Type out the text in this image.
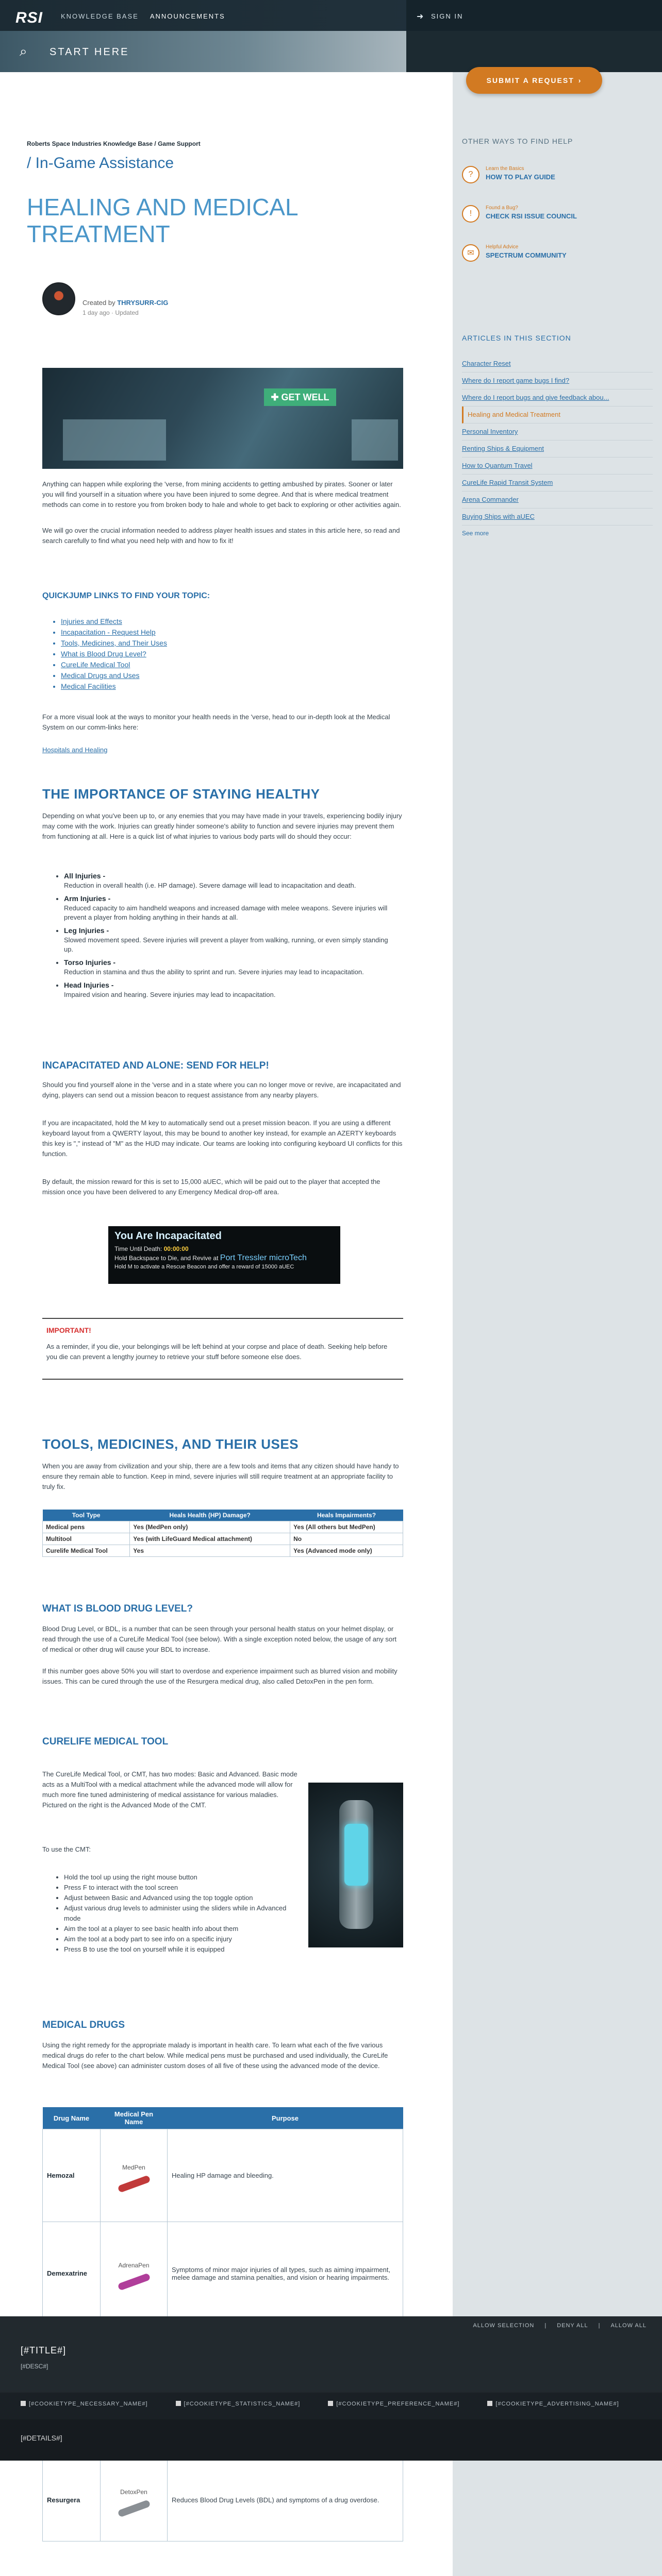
RSI	KNOWLEDGE BASE ANNOUNCEMENTS	➜ SIGN IN
⌕ START HERE
SUBMIT A REQUEST ›
Roberts Space Industries Knowledge Base / Game Support
/ In-Game Assistance
HEALING AND MEDICAL TREATMENT
Created by THRYSURR-CIG
1 day ago · Updated
✚ GET WELL
Anything can happen while exploring the 'verse, from mining accidents to getting ambushed by pirates. Sooner or later you will find yourself in a situation where you have been injured to some degree. And that is where medical treatment methods can come in to restore you from broken body to hale and whole to get back to exploring or other activities again.
We will go over the crucial information needed to address player health issues and states in this article here, so read and search carefully to find what you need help with and how to fix it!
QUICKJUMP LINKS TO FIND YOUR TOPIC:
• Injuries and Effects
• Incapacitation - Request Help
• Tools, Medicines, and Their Uses
• What is Blood Drug Level?
• CureLife Medical Tool
• Medical Drugs and Uses
• Medical Facilities
For a more visual look at the ways to monitor your health needs in the 'verse, head to our in-depth look at the Medical System on our comm-links here:
Hospitals and Healing
THE IMPORTANCE OF STAYING HEALTHY
Depending on what you've been up to, or any enemies that you may have made in your travels, experiencing bodily injury may come with the work. Injuries can greatly hinder someone's ability to function and severe injuries may prevent them from functioning at all. Here is a quick list of what injuries to various body parts will do should they occur:
• All Injuries -
Reduction in overall health (i.e. HP damage). Severe damage will lead to incapacitation and death.
• Arm Injuries -
Reduced capacity to aim handheld weapons and increased damage with melee weapons. Severe injuries will prevent a player from holding anything in their hands at all.
• Leg Injuries -
Slowed movement speed. Severe injuries will prevent a player from walking, running, or even simply standing up.
• Torso Injuries -
Reduction in stamina and thus the ability to sprint and run. Severe injuries may lead to incapacitation.
• Head Injuries -
Impaired vision and hearing. Severe injuries may lead to incapacitation.
INCAPACITATED AND ALONE: SEND FOR HELP!
Should you find yourself alone in the 'verse and in a state where you can no longer move or revive, are incapacitated and dying, players can send out a mission beacon to request assistance from any nearby players.
If you are incapacitated, hold the M key to automatically send out a preset mission beacon. If you are using a different keyboard layout from a QWERTY layout, this may be bound to another key instead, for example an AZERTY keyboards this key is "," instead of "M" as the HUD may indicate. Our teams are looking into configuring keyboard UI conflicts for this function.
By default, the mission reward for this is set to 15,000 aUEC, which will be paid out to the player that accepted the mission once you have been delivered to any Emergency Medical drop-off area.
You Are Incapacitated
Time Until Death: 00:00:00
Hold Backspace to Die, and Revive at Port Tressler microTech
Hold M to activate a Rescue Beacon and offer a reward of 15000 aUEC
IMPORTANT!
As a reminder, if you die, your belongings will be left behind at your corpse and place of death. Seeking help before you die can prevent a lengthy journey to retrieve your stuff before someone else does.
TOOLS, MEDICINES, AND THEIR USES
When you are away from civilization and your ship, there are a few tools and items that any citizen should have handy to ensure they remain able to function. Keep in mind, severe injuries will still require treatment at an appropriate facility to truly fix.
Tool Type	Heals Health (HP) Damage?	Heals Impairments?
Medical pens	Yes (MedPen only)	Yes (All others but MedPen)
Multitool	Yes (with LifeGuard Medical attachment)	No
Curelife Medical Tool	Yes	Yes (Advanced mode only)
WHAT IS BLOOD DRUG LEVEL?
Blood Drug Level, or BDL, is a number that can be seen through your personal health status on your helmet display, or read through the use of a CureLife Medical Tool (see below). With a single exception noted below, the usage of any sort of medical or other drug will cause your BDL to increase.
If this number goes above 50% you will start to overdose and experience impairment such as blurred vision and mobility issues. This can be cured through the use of the Resurgera medical drug, also called DetoxPen in the pen form.
CURELIFE MEDICAL TOOL
The CureLife Medical Tool, or CMT, has two modes: Basic and Advanced. Basic mode acts as a MultiTool with a medical attachment while the advanced mode will allow for much more fine tuned administering of medical assistance for various maladies. Pictured on the right is the Advanced Mode of the CMT.
To use the CMT:
• Hold the tool up using the right mouse button
• Press F to interact with the tool screen
• Adjust between Basic and Advanced using the top toggle option
• Adjust various drug levels to administer using the sliders while in Advanced mode
• Aim the tool at a player to see basic health info about them
• Aim the tool at a body part to see info on a specific injury
• Press B to use the tool on yourself while it is equipped
MEDICAL DRUGS
Using the right remedy for the appropriate malady is important in health care. To learn what each of the five various medical drugs do refer to the chart below. While medical pens must be purchased and used individually, the CureLife Medical Tool (see above) can administer custom doses of all five of these using the advanced mode of the device.
Drug Name	Medical Pen Name	Purpose
Hemozal	MedPen	Healing HP damage and bleeding.
Demexatrine	AdrenaPen	Symptoms of minor major injuries of all types, such as aiming impairment, melee damage and stamina penalties, and vision or hearing impairments.

Resurgera	DetoxPen	Reduces Blood Drug Levels (BDL) and symptoms of a drug overdose.

OTHER WAYS TO FIND HELP
?
Learn the Basics
HOW TO PLAY GUIDE
!
Found a Bug?
CHECK RSI ISSUE COUNCIL
✉
Helpful Advice
SPECTRUM COMMUNITY
ARTICLES IN THIS SECTION
Character Reset
Where do I report game bugs I find?
Where do I report bugs and give feedback abou...
Healing and Medical Treatment
Personal Inventory
Renting Ships & Equipment
How to Quantum Travel
CureLife Rapid Transit System
Arena Commander
Buying Ships with aUEC
See more
ALLOW SELECTION | DENY ALL | ALLOW ALL
[#TITLE#]
[#DESC#]
[#COOKIETYPE_NECESSARY_NAME#]	[#COOKIETYPE_STATISTICS_NAME#]	[#COOKIETYPE_PREFERENCE_NAME#]	[#COOKIETYPE_ADVERTISING_NAME#]
[#DETAILS#]
